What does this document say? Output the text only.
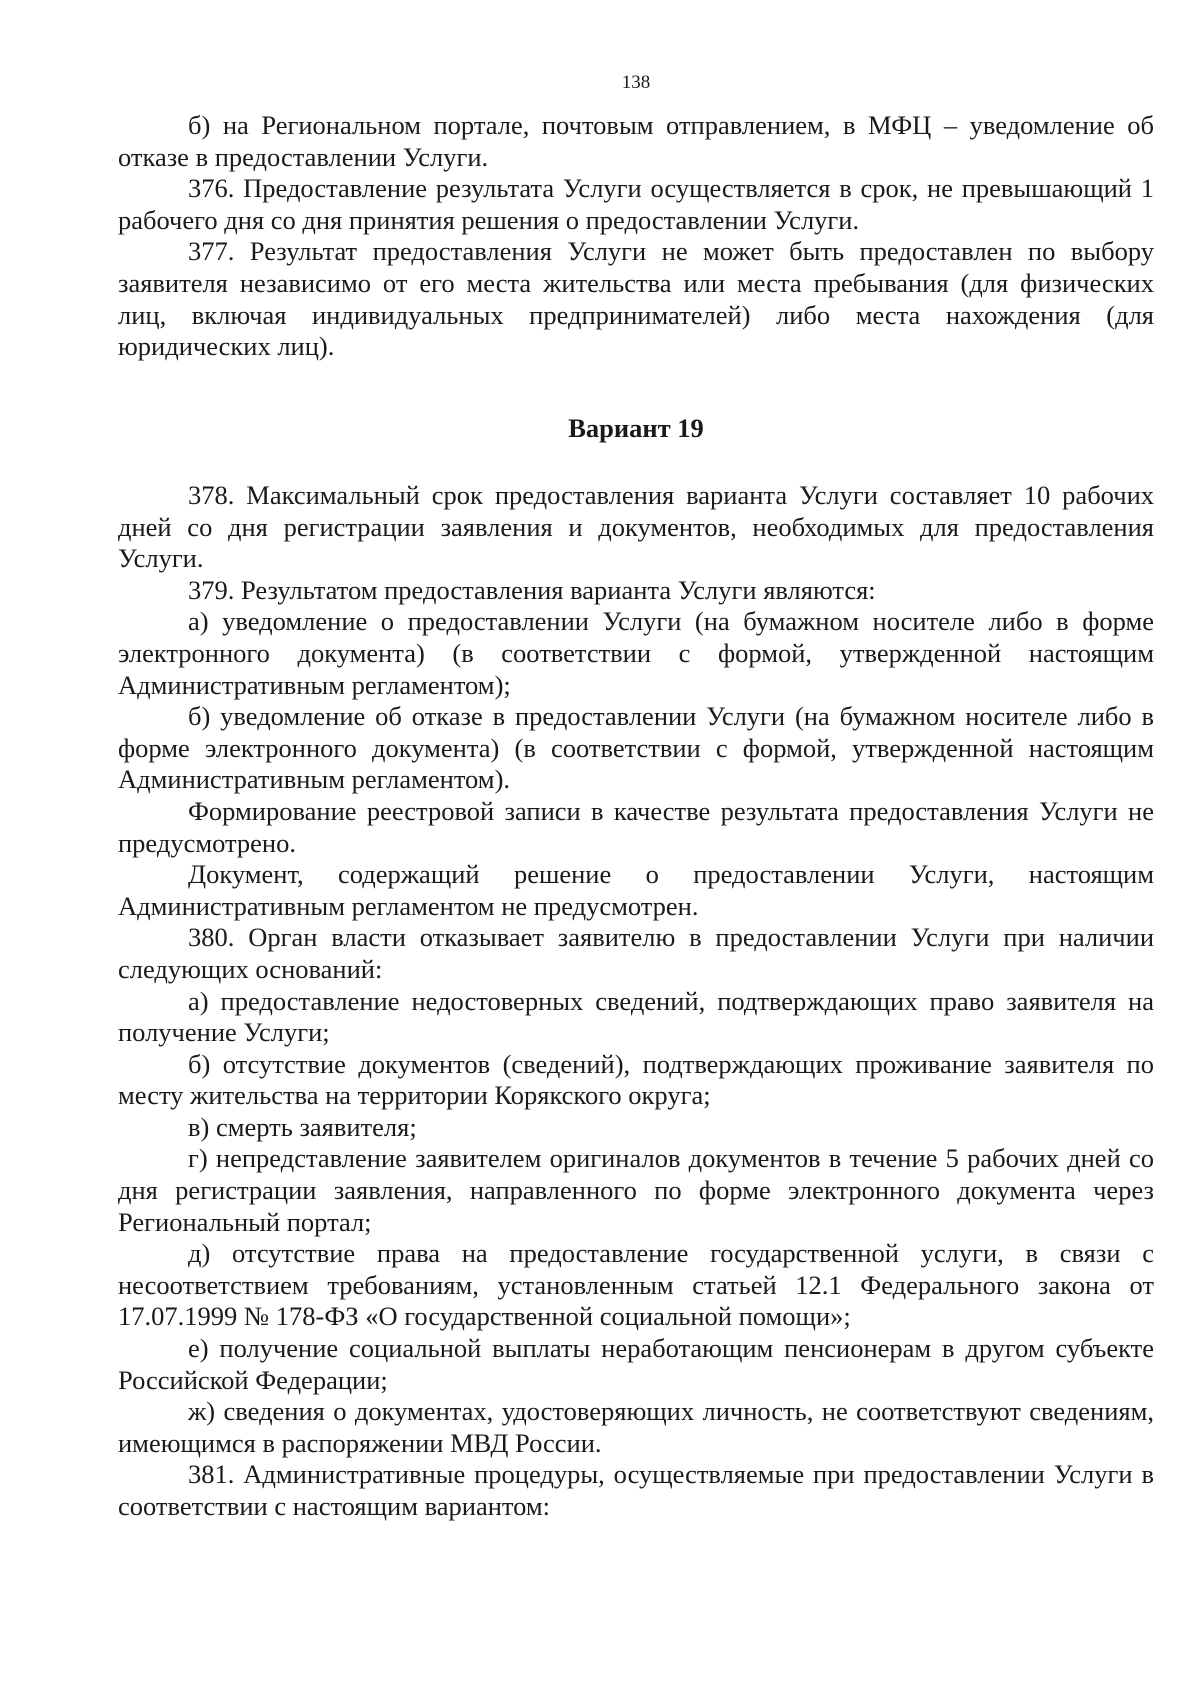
138

б) на Региональном портале, почтовым отправлением, в МФЦ – уведомление об отказе в предоставлении Услуги.

376. Предоставление результата Услуги осуществляется в срок, не превышающий 1 рабочего дня со дня принятия решения о предоставлении Услуги.

377. Результат предоставления Услуги не может быть предоставлен по выбору заявителя независимо от его места жительства или места пребывания (для физических лиц, включая индивидуальных предпринимателей) либо места нахождения (для юридических лиц).

Вариант 19

378. Максимальный срок предоставления варианта Услуги составляет 10 рабочих дней со дня регистрации заявления и документов, необходимых для предоставления Услуги.

379. Результатом предоставления варианта Услуги являются:

а) уведомление о предоставлении Услуги (на бумажном носителе либо в форме электронного документа) (в соответствии с формой, утвержденной настоящим Административным регламентом);

б) уведомление об отказе в предоставлении Услуги (на бумажном носителе либо в форме электронного документа) (в соответствии с формой, утвержденной настоящим Административным регламентом).

Формирование реестровой записи в качестве результата предоставления Услуги не предусмотрено.

Документ, содержащий решение о предоставлении Услуги, настоящим Административным регламентом не предусмотрен.

380. Орган власти отказывает заявителю в предоставлении Услуги при наличии следующих оснований:

а) предоставление недостоверных сведений, подтверждающих право заявителя на получение Услуги;

б) отсутствие документов (сведений), подтверждающих проживание заявителя по месту жительства на территории Корякского округа;

в) смерть заявителя;

г) непредставление заявителем оригиналов документов в течение 5 рабочих дней со дня регистрации заявления, направленного по форме электронного документа через Региональный портал;

д) отсутствие права на предоставление государственной услуги, в связи с несоответствием требованиям, установленным статьей 12.1 Федерального закона от 17.07.1999 № 178-ФЗ «О государственной социальной помощи»;

е) получение социальной выплаты неработающим пенсионерам в другом субъекте Российской Федерации;

ж) сведения о документах, удостоверяющих личность, не соответствуют сведениям, имеющимся в распоряжении МВД России.

381. Административные процедуры, осуществляемые при предоставлении Услуги в соответствии с настоящим вариантом:
